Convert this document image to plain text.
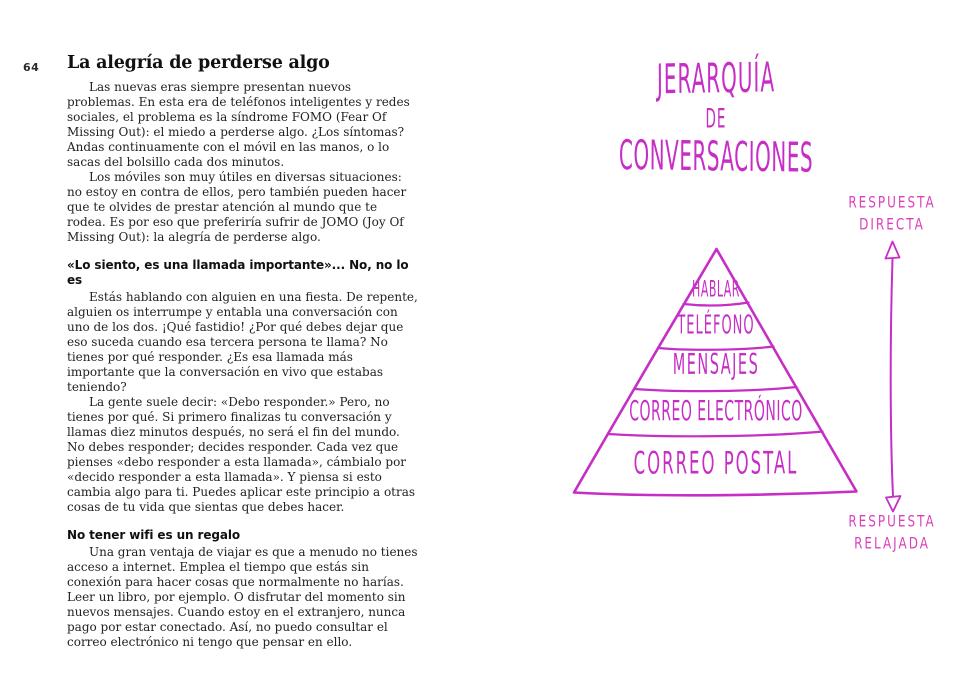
64 La alegría de perderse algo

Las nuevas eras siempre presentan nuevos problemas. En esta era de teléfonos inteligentes y redes sociales, el problema es la síndrome FOMO (Fear Of Missing Out): el miedo a perderse algo. ¿Los síntomas? Andas continuamente con el móvil en las manos, o lo sacas del bolsillo cada dos minutos.

Los móviles son muy útiles en diversas situaciones: no estoy en contra de ellos, pero también pueden hacer que te olvides de prestar atención al mundo que te rodea. Es por eso que preferiría sufrir de JOMO (Joy Of Missing Out): la alegría de perderse algo.

«Lo siento, es una llamada importante»... No, no lo es

Estás hablando con alguien en una fiesta. De repente, alguien os interrumpe y entabla una conversación con uno de los dos. ¡Qué fastidio! ¿Por qué debes dejar que eso suceda cuando esa tercera persona te llama? No tienes por qué responder. ¿Es esa llamada más importante que la conversación en vivo que estabas teniendo?

La gente suele decir: «Debo responder.» Pero, no tienes por qué. Si primero finalizas tu conversación y llamas diez minutos después, no será el fin del mundo. No debes responder; decides responder. Cada vez que pienses «debo responder a esta llamada», cámbialo por «decido responder a esta llamada». Y piensa si esto cambia algo para ti. Puedes aplicar este principio a otras cosas de tu vida que sientas que debes hacer.

No tener wifi es un regalo

Una gran ventaja de viajar es que a menudo no tienes acceso a internet. Emplea el tiempo que estás sin conexión para hacer cosas que normalmente no harías. Leer un libro, por ejemplo. O disfrutar del momento sin nuevos mensajes. Cuando estoy en el extranjero, nunca pago por estar conectado. Así, no puedo consultar el correo electrónico ni tengo que pensar en ello.

JERARQUÍA
DE
CONVERSACIONES
HABLAR
TELÉFONO
MENSAJES
CORREO ELECTRÓNICO
CORREO POSTAL
RESPUESTA
DIRECTA
RESPUESTA
RELAJADA
